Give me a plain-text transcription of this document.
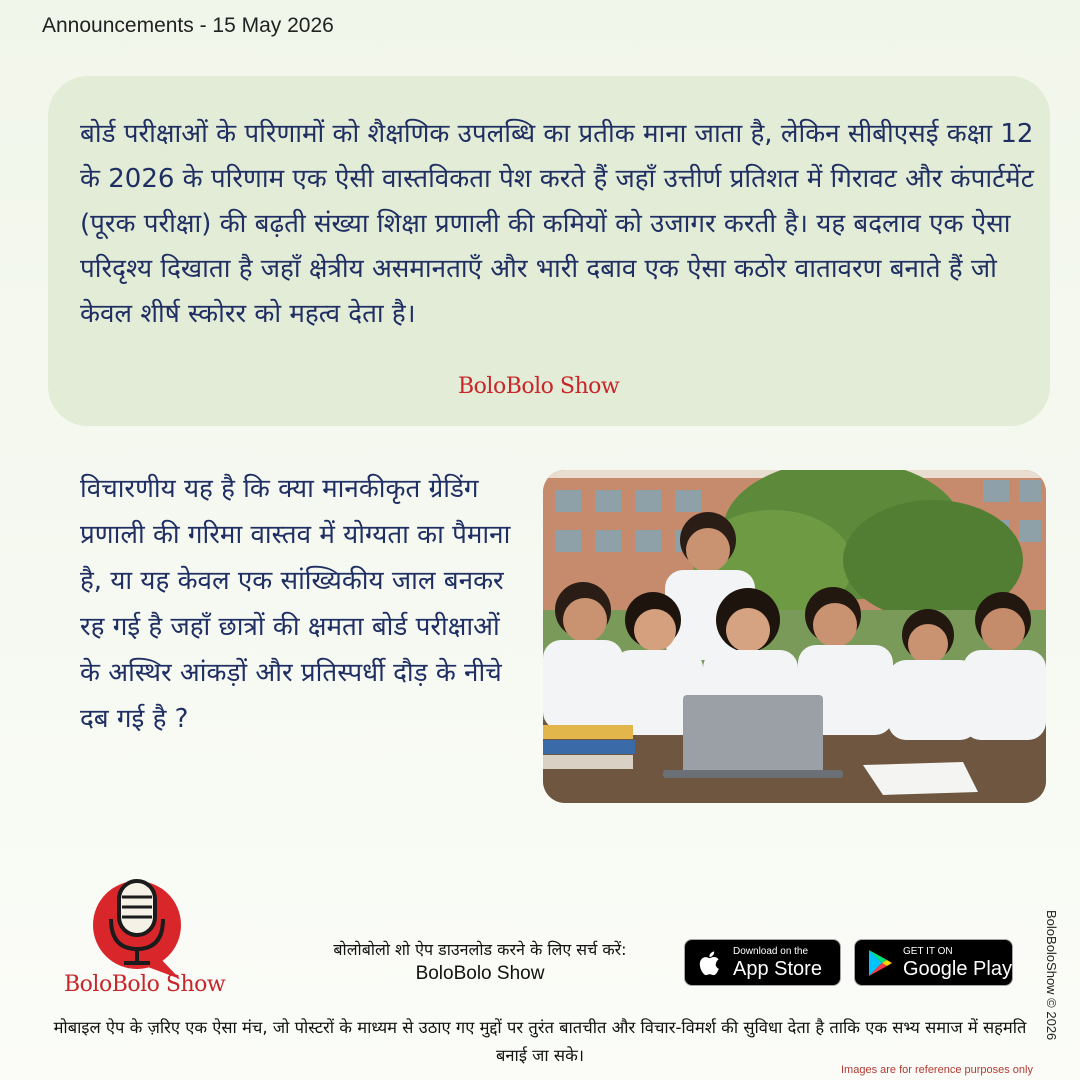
Announcements - 15 May 2026
बोर्ड परीक्षाओं के परिणामों को शैक्षणिक उपलब्धि का प्रतीक माना जाता है, लेकिन सीबीएसई कक्षा 12 के 2026 के परिणाम एक ऐसी वास्तविकता पेश करते हैं जहाँ उत्तीर्ण प्रतिशत में गिरावट और कंपार्टमेंट (पूरक परीक्षा) की बढ़ती संख्या शिक्षा प्रणाली की कमियों को उजागर करती है। यह बदलाव एक ऐसा परिदृश्य दिखाता है जहाँ क्षेत्रीय असमानताएँ और भारी दबाव एक ऐसा कठोर वातावरण बनाते हैं जो केवल शीर्ष स्कोरर को महत्व देता है।
BoloBolo Show
विचारणीय यह है कि क्या मानकीकृत ग्रेडिंग प्रणाली की गरिमा वास्तव में योग्यता का पैमाना है, या यह केवल एक सांख्यिकीय जाल बनकर रह गई है जहाँ छात्रों की क्षमता बोर्ड परीक्षाओं के अस्थिर आंकड़ों और प्रतिस्पर्धी दौड़ के नीचे दब गई है ?
BoloBolo Show
बोलोबोलो शो ऐप डाउनलोड करने के लिए सर्च करें:
BoloBolo Show
Download on the
App Store
GET IT ON
Google Play
मोबाइल ऐप के ज़रिए एक ऐसा मंच, जो पोस्टरों के माध्यम से उठाए गए मुद्दों पर तुरंत बातचीत और विचार-विमर्श की सुविधा देता है ताकि एक सभ्य समाज में सहमति बनाई जा सके।
BoloBoloShow © 2026
Images are for reference purposes only
